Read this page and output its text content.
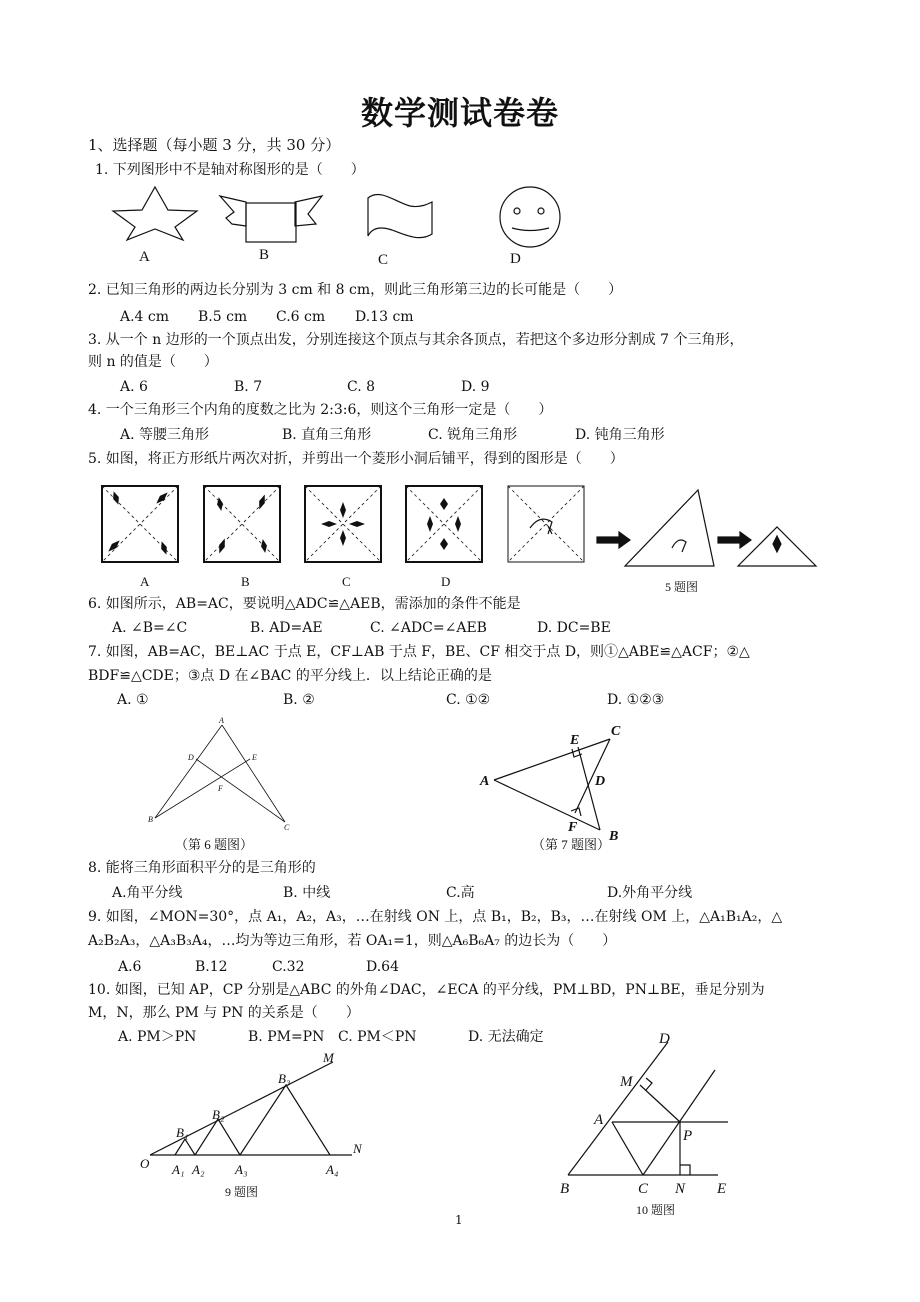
数学测试卷卷
1、选择题（每小题 3 分，共 30 分）
1. 下列图形中不是轴对称图形的是（　　）
2. 已知三角形的两边长分别为 3 cm 和 8 cm，则此三角形第三边的长可能是（　　）
A.4 cm B.5 cm C.6 cm D.13 cm
3. 从一个 n 边形的一个顶点出发，分别连接这个顶点与其余各顶点，若把这个多边形分割成 7 个三角形，
则 n 的值是（　　）
A. 6	B. 7	C. 8	D. 9
4. 一个三角形三个内角的度数之比为 2:3:6，则这个三角形一定是（　　）
A. 等腰三角形	B. 直角三角形	C. 锐角三角形	D. 钝角三角形
5. 如图，将正方形纸片两次对折，并剪出一个菱形小洞后铺平，得到的图形是（　　）
6. 如图所示，AB=AC，要说明△ADC≌△AEB，需添加的条件不能是
A. ∠B=∠C	B. AD=AE	C. ∠ADC=∠AEB	D. DC=BE
7. 如图，AB=AC，BE⊥AC 于点 E，CF⊥AB 于点 F，BE、CF 相交于点 D，则①△ABE≌△ACF；②△
BDF≌△CDE；③点 D 在∠BAC 的平分线上．以上结论正确的是
A. ①	B. ②	C. ①②	D. ①②③
8. 能将三角形面积平分的是三角形的
A.角平分线	B. 中线	C.高	D.外角平分线
9. 如图，∠MON=30°，点 A₁，A₂，A₃，…在射线 ON 上，点 B₁，B₂，B₃，…在射线 OM 上，△A₁B₁A₂，△
A₂B₂A₃，△A₃B₃A₄，…均为等边三角形，若 OA₁=1，则△A₆B₆A₇ 的边长为（　　）
A.6	B.12	C.32	D.64
10. 如图，已知 AP，CP 分别是△ABC 的外角∠DAC，∠ECA 的平分线，PM⊥BD，PN⊥BE，垂足分别为
M，N，那么 PM 与 PN 的关系是（　　）
A. PM＞PN	B. PM=PN C. PM＜PN	D. 无法确定
1
A	B	C	D
A	B	C	D	5 题图
A
D	E
F
B
C
（第 6 题图）
A
C
E
D
F
B
（第 7 题图）
M
B₃
B₂
B₁
O A₁ A₂ A₃	A₄
N
9 题图
D
M
A
P
B	C N E
10 题图
